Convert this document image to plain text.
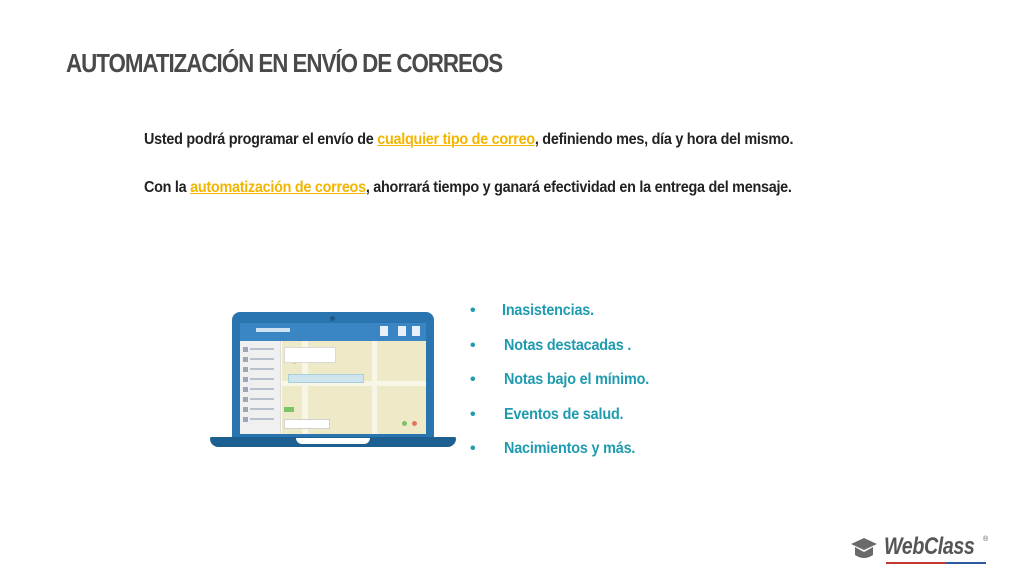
AUTOMATIZACIÓN EN ENVÍO DE CORREOS
Usted podrá programar el envío de cualquier tipo de correo, definiendo mes, día y hora del mismo.
Con la automatización de correos, ahorrará tiempo y ganará efectividad en la entrega del mensaje.
• Inasistencias.
• Notas destacadas .
• Notas bajo el mínimo.
• Eventos de salud.
• Nacimientos y más.
WebClass ®
